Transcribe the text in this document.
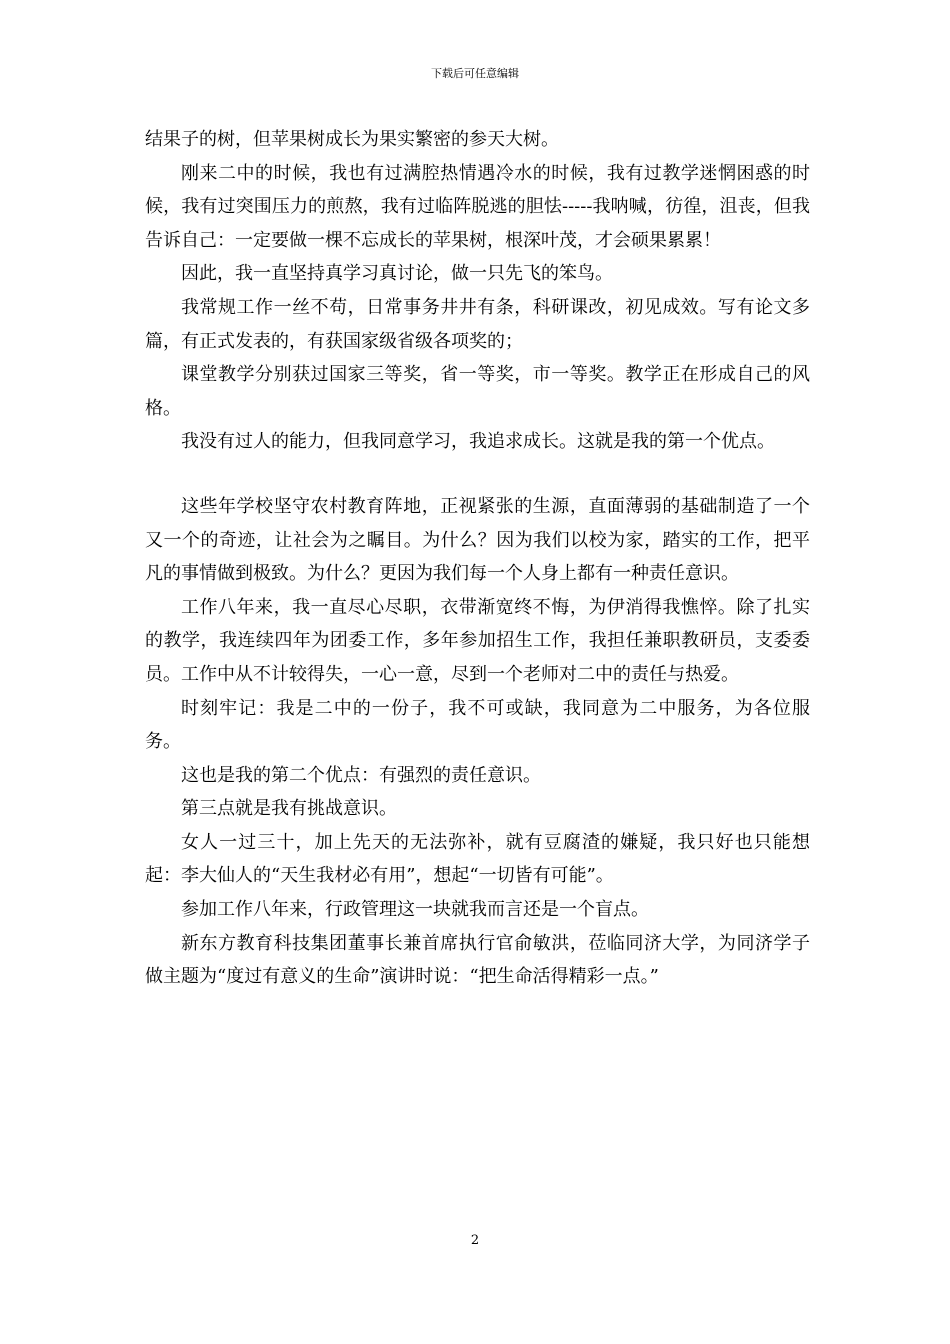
下载后可任意编辑

结果子的树，但苹果树成长为果实繁密的参天大树。

刚来二中的时候，我也有过满腔热情遇冷水的时候，我有过教学迷惘困惑的时候，我有过突围压力的煎熬，我有过临阵脱逃的胆怯-----我呐喊，彷徨，沮丧，但我告诉自己：一定要做一棵不忘成长的苹果树，根深叶茂，才会硕果累累！

因此，我一直坚持真学习真讨论，做一只先飞的笨鸟。

我常规工作一丝不苟，日常事务井井有条，科研课改，初见成效。写有论文多篇，有正式发表的，有获国家级省级各项奖的；

课堂教学分别获过国家三等奖，省一等奖，市一等奖。教学正在形成自己的风格。

我没有过人的能力，但我同意学习，我追求成长。这就是我的第一个优点。

这些年学校坚守农村教育阵地，正视紧张的生源，直面薄弱的基础制造了一个又一个的奇迹，让社会为之瞩目。为什么？因为我们以校为家，踏实的工作，把平凡的事情做到极致。为什么？更因为我们每一个人身上都有一种责任意识。

工作八年来，我一直尽心尽职，衣带渐宽终不悔，为伊消得我憔悴。除了扎实的教学，我连续四年为团委工作，多年参加招生工作，我担任兼职教研员，支委委员。工作中从不计较得失，一心一意，尽到一个老师对二中的责任与热爱。

时刻牢记：我是二中的一份子，我不可或缺，我同意为二中服务，为各位服务。

这也是我的第二个优点：有强烈的责任意识。

第三点就是我有挑战意识。

女人一过三十，加上先天的无法弥补，就有豆腐渣的嫌疑，我只好也只能想起：李大仙人的“天生我材必有用”，想起“一切皆有可能”。

参加工作八年来，行政管理这一块就我而言还是一个盲点。

新东方教育科技集团董事长兼首席执行官俞敏洪，莅临同济大学，为同济学子做主题为“度过有意义的生命”演讲时说：“把生命活得精彩一点。”

2
